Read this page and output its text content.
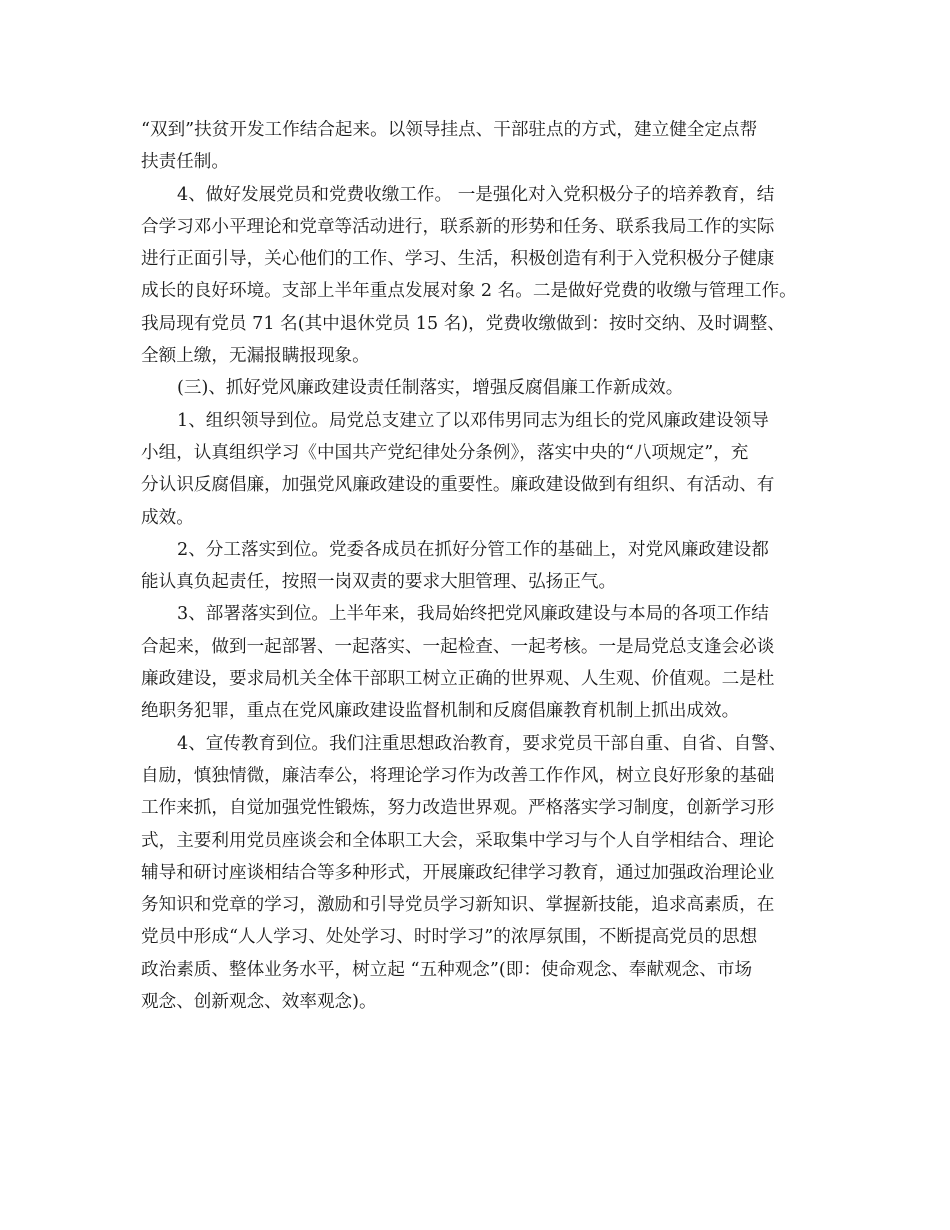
“双到”扶贫开发工作结合起来。以领导挂点、干部驻点的方式，建立健全定点帮
扶责任制。
4、做好发展党员和党费收缴工作。 一是强化对入党积极分子的培养教育，结
合学习邓小平理论和党章等活动进行，联系新的形势和任务、联系我局工作的实际
进行正面引导，关心他们的工作、学习、生活，积极创造有利于入党积极分子健康
成长的良好环境。支部上半年重点发展对象 2 名。二是做好党费的收缴与管理工作。
我局现有党员 71 名(其中退休党员 15 名)，党费收缴做到：按时交纳、及时调整、
全额上缴，无漏报瞒报现象。
(三)、抓好党风廉政建设责任制落实，增强反腐倡廉工作新成效。
1、组织领导到位。局党总支建立了以邓伟男同志为组长的党风廉政建设领导
小组，认真组织学习《中国共产党纪律处分条例》，落实中央的“八项规定”，充
分认识反腐倡廉，加强党风廉政建设的重要性。廉政建设做到有组织、有活动、有
成效。
2、分工落实到位。党委各成员在抓好分管工作的基础上，对党风廉政建设都
能认真负起责任，按照一岗双责的要求大胆管理、弘扬正气。
3、部署落实到位。上半年来，我局始终把党风廉政建设与本局的各项工作结
合起来，做到一起部署、一起落实、一起检查、一起考核。一是局党总支逢会必谈
廉政建设，要求局机关全体干部职工树立正确的世界观、人生观、价值观。二是杜
绝职务犯罪，重点在党风廉政建设监督机制和反腐倡廉教育机制上抓出成效。
4、宣传教育到位。我们注重思想政治教育，要求党员干部自重、自省、自警、
自励，慎独情微，廉洁奉公，将理论学习作为改善工作作风，树立良好形象的基础
工作来抓，自觉加强党性锻炼，努力改造世界观。严格落实学习制度，创新学习形
式，主要利用党员座谈会和全体职工大会，采取集中学习与个人自学相结合、理论
辅导和研讨座谈相结合等多种形式，开展廉政纪律学习教育，通过加强政治理论业
务知识和党章的学习，激励和引导党员学习新知识、掌握新技能，追求高素质，在
党员中形成“人人学习、处处学习、时时学习”的浓厚氛围，不断提高党员的思想
政治素质、整体业务水平，树立起 “五种观念”(即：使命观念、奉献观念、市场
观念、创新观念、效率观念)。
